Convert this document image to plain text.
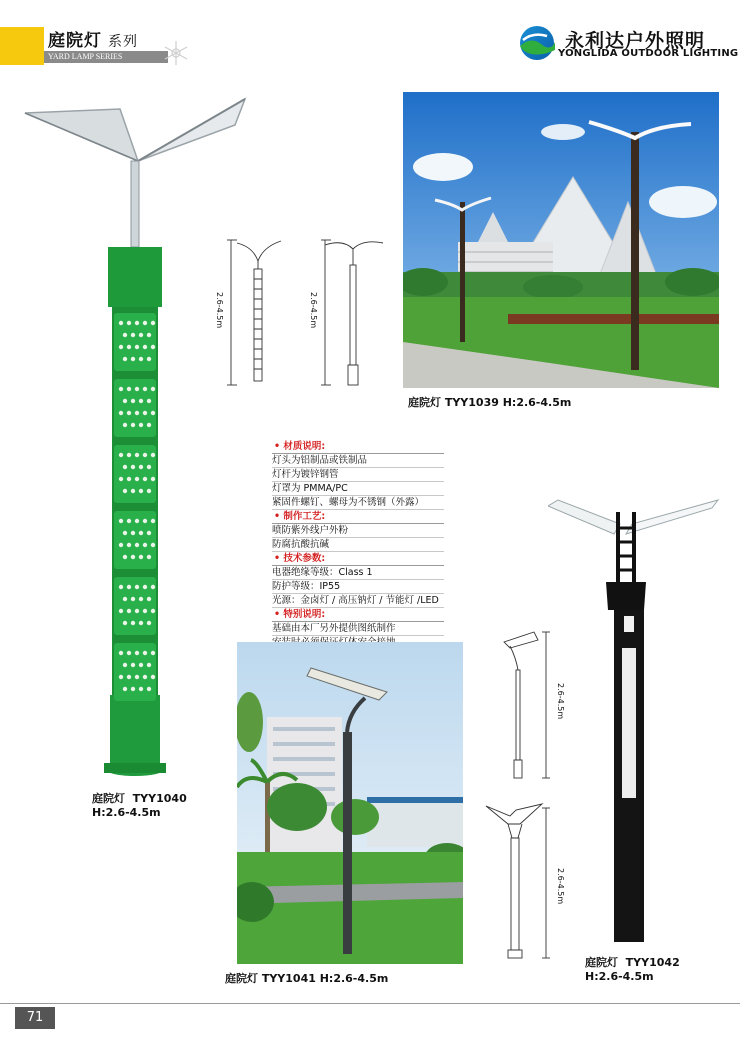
庭院灯 系列
YARD LAMP SERIES
永利达户外照明
YONGLIDA OUTDOOR LIGHTING
庭院灯 TYY1040
H:2.6-4.5m
2.6-4.5m	2.6-4.5m
庭院灯 TYY1039 H:2.6-4.5m
• 材质说明:
灯头为铝制品或铁制品
灯杆为镀锌钢管
灯罩为 PMMA/PC
紧固件螺钉、螺母为不锈钢（外露）
• 制作工艺:
喷防紫外线户外粉
防腐抗酸抗碱
• 技术参数:
电器绝缘等级：Class 1
防护等级：IP55
光源：金卤灯 / 高压钠灯 / 节能灯 /LED
• 特别说明:
基础由本厂另外提供图纸制作
庭院灯 TYY1041 H:2.6-4.5m
2.6-4.5m
2.6-4.5m
庭院灯 TYY1042
H:2.6-4.5m
71
